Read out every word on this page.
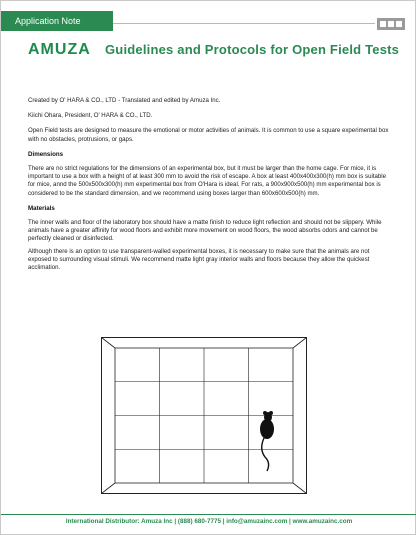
Application Note
AMUZA Guidelines and Protocols for Open Field Tests

Created by O' HARA & CO., LTD - Translated and edited by Amuza Inc.

Kiichi Ohara, President, O' HARA & CO., LTD.

Open Field tests are designed to measure the emotional or motor activities of animals. It is common to use a square experimental box with no obstacles, protrusions, or gaps.

Dimensions

There are no strict regulations for the dimensions of an experimental box, but it must be larger than the home cage. For mice, it is important to use a box with a height of at least 300 mm to avoid the risk of escape. A box at least 400x400x300(h) mm box is suitable for mice, annd the 500x500x300(h) mm experimental box from O'Hara is ideal. For rats, a 900x900x500(h) mm experimental box is considered to be the standard dimension, and we recommend using boxes larger than 600x600x500(h) mm.

Materials

The inner walls and floor of the laboratory box should have a matte finish to reduce light reflection and should not be slippery. While animals have a greater affinity for wood floors and exhibit more movement on wood floors, the wood absorbs odors and cannot be perfectly cleaned or disinfected.

Although there is an option to use transparent-walled experimental boxes, it is necessary to make sure that the animals are not exposed to surrounding visual stimuli. We recommend matte light gray interior walls and floors because they allow the quickest acclimation.

International Distributor: Amuza Inc | (888) 680-7775 | info@amuzainc.com | www.amuzainc.com
